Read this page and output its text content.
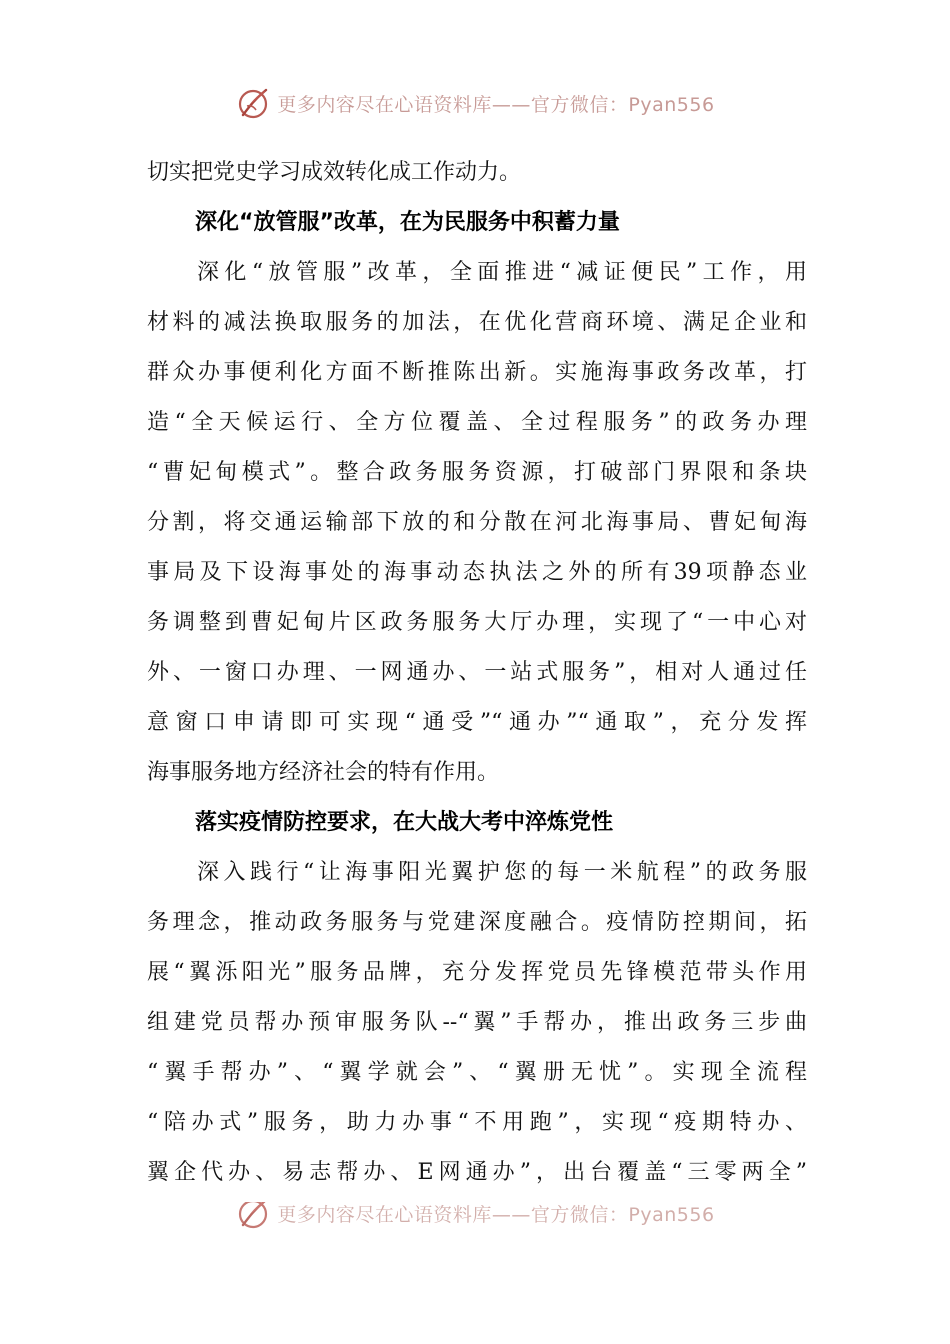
更多内容尽在心语资料库——官方微信：Pyan556
切实把党史学习成效转化成工作动力。
深化“放管服”改革，在为民服务中积蓄力量
深化“放管服”改革，全面推进“减证便民”工作，用
材料的减法换取服务的加法，在优化营商环境、满足企业和
群众办事便利化方面不断推陈出新。实施海事政务改革，打
造“全天候运行、全方位覆盖、全过程服务”的政务办理
“曹妃甸模式”。整合政务服务资源，打破部门界限和条块
分割，将交通运输部下放的和分散在河北海事局、曹妃甸海
事局及下设海事处的海事动态执法之外的所有39项静态业
务调整到曹妃甸片区政务服务大厅办理，实现了“一中心对
外、一窗口办理、一网通办、一站式服务”，相对人通过任
意窗口申请即可实现“通受”“通办”“通取”，充分发挥
海事服务地方经济社会的特有作用。
落实疫情防控要求，在大战大考中淬炼党性
深入践行“让海事阳光翼护您的每一米航程”的政务服
务理念，推动政务服务与党建深度融合。疫情防控期间，拓
展“翼泺阳光”服务品牌，充分发挥党员先锋模范带头作用
组建党员帮办预审服务队--“翼”手帮办，推出政务三步曲
“翼手帮办”、“翼学就会”、“翼册无忧”。实现全流程
“陪办式”服务，助力办事“不用跑”，实现“疫期特办、
翼企代办、易志帮办、E网通办”，出台覆盖“三零两全”
更多内容尽在心语资料库——官方微信：Pyan556
